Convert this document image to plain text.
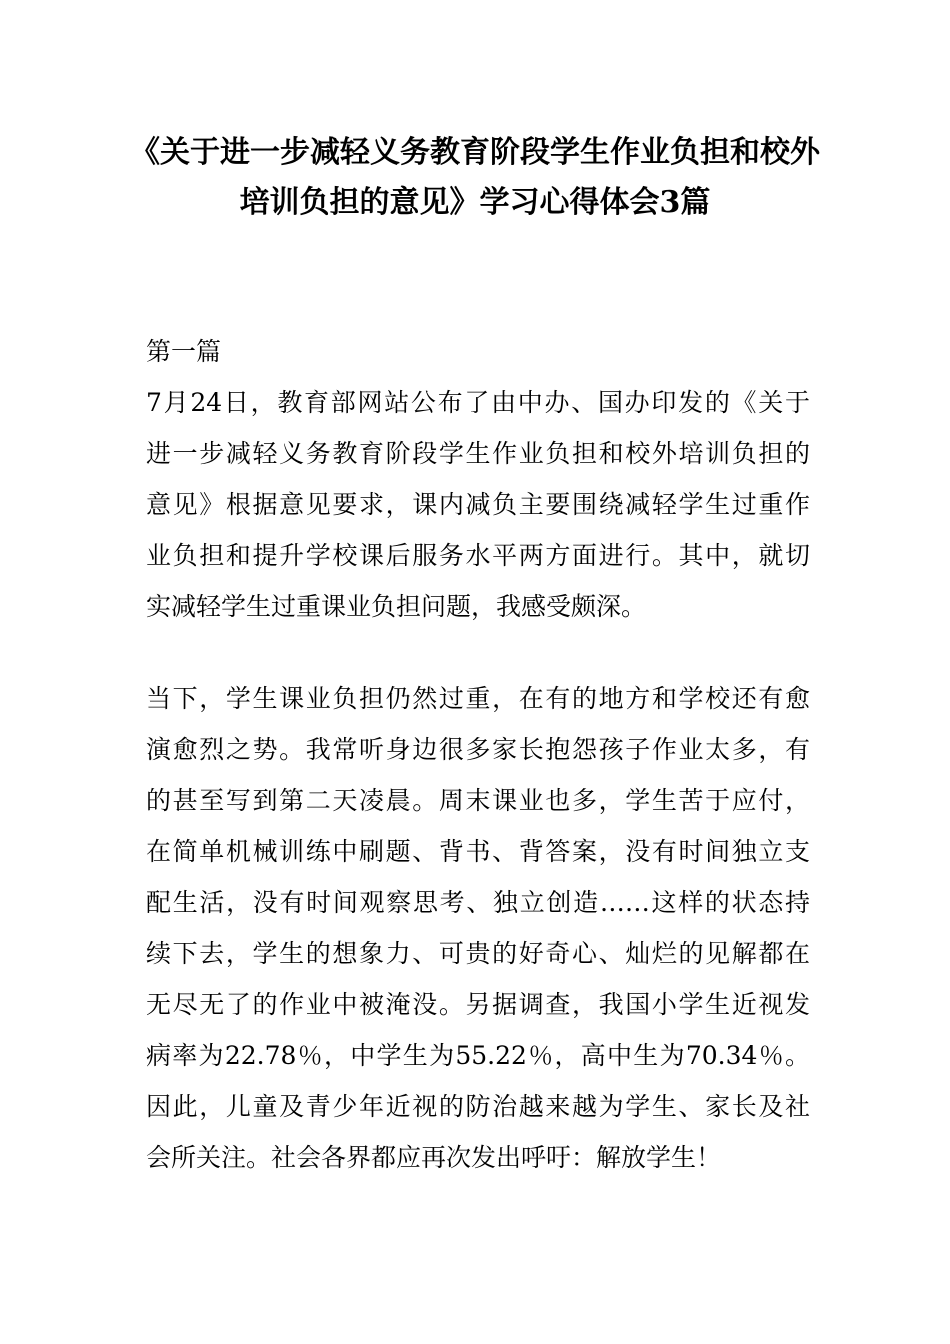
《关于进一步减轻义务教育阶段学生作业负担和校外
培训负担的意见》学习心得体会3篇
第一篇
7月24日，教育部网站公布了由中办、国办印发的《关于
进一步减轻义务教育阶段学生作业负担和校外培训负担的
意见》根据意见要求，课内减负主要围绕减轻学生过重作
业负担和提升学校课后服务水平两方面进行。其中，就切
实减轻学生过重课业负担问题，我感受颇深。
当下，学生课业负担仍然过重，在有的地方和学校还有愈
演愈烈之势。我常听身边很多家长抱怨孩子作业太多，有
的甚至写到第二天凌晨。周末课业也多，学生苦于应付，
在简单机械训练中刷题、背书、背答案，没有时间独立支
配生活，没有时间观察思考、独立创造……这样的状态持
续下去，学生的想象力、可贵的好奇心、灿烂的见解都在
无尽无了的作业中被淹没。另据调查，我国小学生近视发
病率为22.78％，中学生为55.22％，高中生为70.34％。
因此，儿童及青少年近视的防治越来越为学生、家长及社
会所关注。社会各界都应再次发出呼吁：解放学生！
